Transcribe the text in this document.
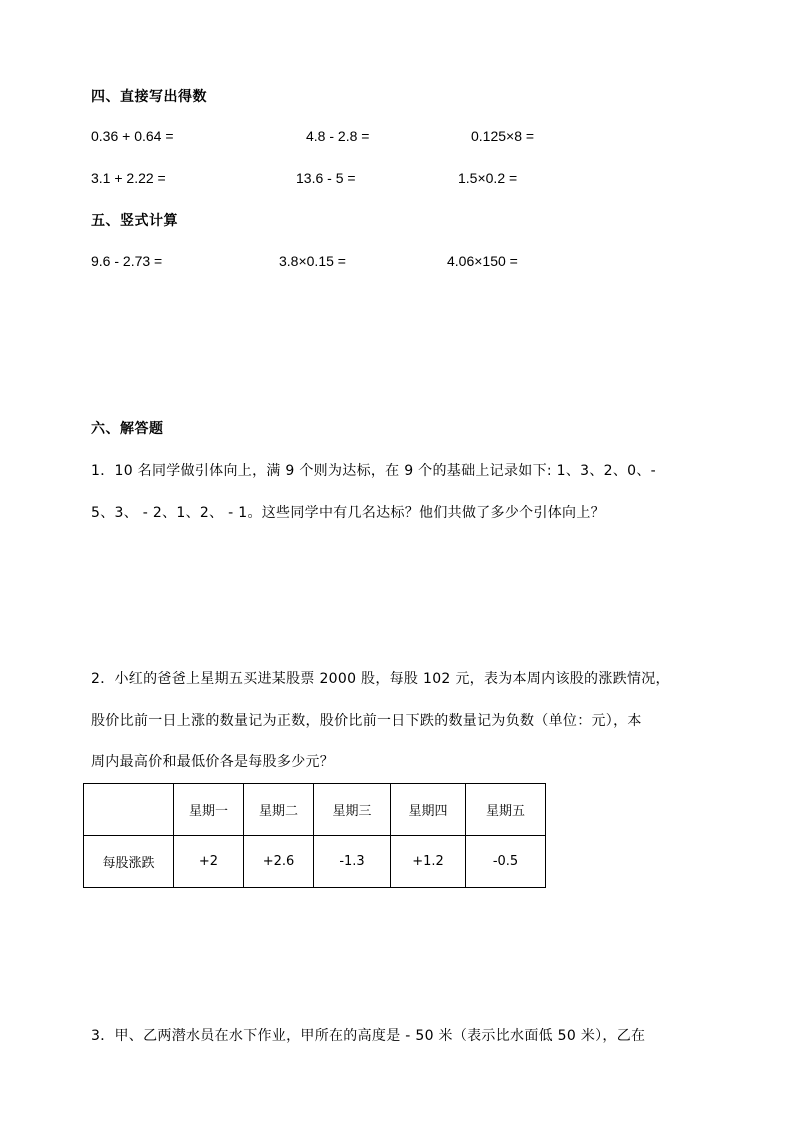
四、直接写出得数
0.36 + 0.64 =	4.8 - 2.8 =	0.125×8 =
3.1 + 2.22 =	13.6 - 5 =	1.5×0.2 =
五、竖式计算
9.6 - 2.73 =	3.8×0.15 =	4.06×150 =
六、解答题
1．10 名同学做引体向上，满 9 个则为达标，在 9 个的基础上记录如下: 1、3、2、0、-
5、3、 - 2、1、2、 - 1。这些同学中有几名达标？他们共做了多少个引体向上？
2．小红的爸爸上星期五买进某股票 2000 股，每股 102 元，表为本周内该股的涨跌情况，
股价比前一日上涨的数量记为正数，股价比前一日下跌的数量记为负数（单位：元），本
周内最高价和最低价各是每股多少元？
	星期一	星期二	星期三	星期四	星期五
每股涨跌	+2	+2.6	-1.3	+1.2	-0.5
3．甲、乙两潜水员在水下作业，甲所在的高度是 - 50 米（表示比水面低 50 米），乙在
